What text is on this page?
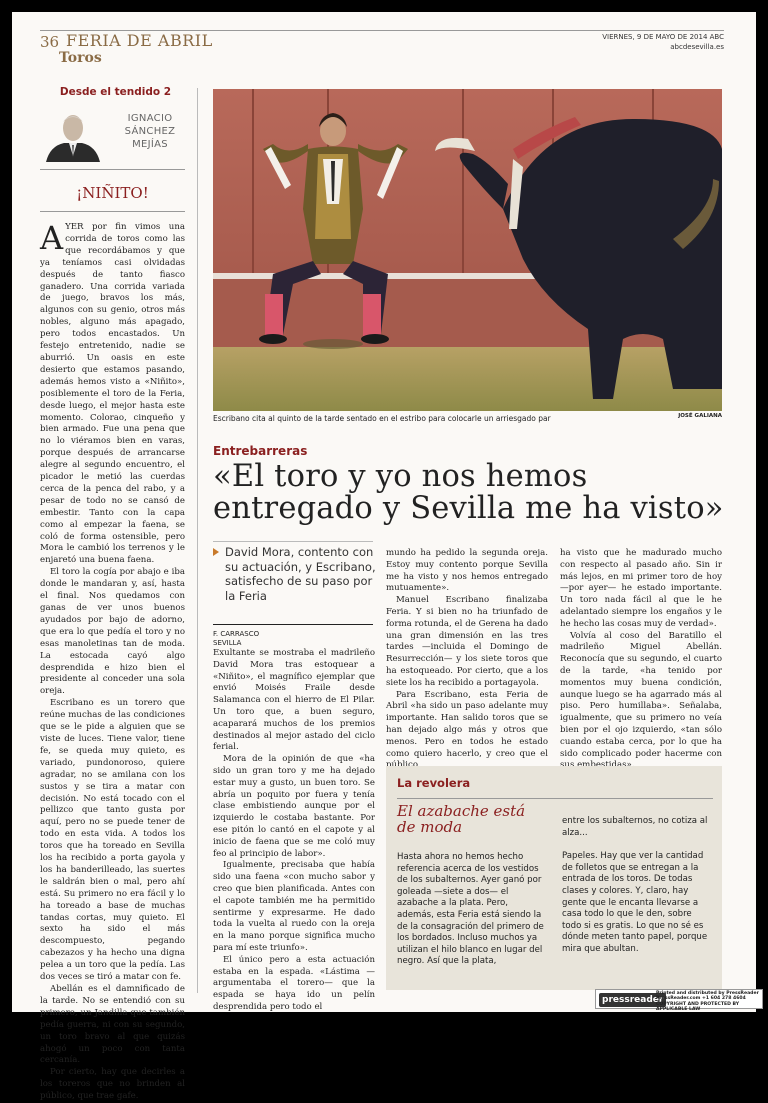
36 FERIA DE ABRIL
Toros
VIERNES, 9 DE MAYO DE 2014 ABC
abcdesevilla.es
Desde el tendido 2
IGNACIO
SÁNCHEZ
MEJÍAS
¡NIÑITO!

AYER por fin vimos una corrida de toros como las que recordábamos y que ya teníamos casi olvidadas después de tanto fiasco ganadero. Una corrida variada de juego, bravos los más, algunos con su genio, otros más nobles, alguno más apagado, pero todos encastados. Un festejo entretenido, nadie se aburrió. Un oasis en este desierto que estamos pasando, además hemos visto a «Niñito», posiblemente el toro de la Feria, desde luego, el mejor hasta este momento. Colorao, cinqueño y bien armado. Fue una pena que no lo viéramos bien en varas, porque después de arrancarse alegre al segundo encuentro, el picador le metió las cuerdas cerca de la penca del rabo, y a pesar de todo no se cansó de embestir. Tanto con la capa como al empezar la faena, se coló de forma ostensible, pero Mora le cambió los terrenos y le enjaretó una buena faena.

El toro la cogía por abajo e iba donde le mandaran y, así, hasta el final. Nos quedamos con ganas de ver unos buenos ayudados por bajo de adorno, que era lo que pedía el toro y no esas manoletinas tan de moda. La estocada cayó algo desprendida e hizo bien el presidente al conceder una sola oreja.

Escribano es un torero que reúne muchas de las condiciones que se le pide a alguien que se viste de luces. Tiene valor, tiene fe, se queda muy quieto, es variado, pundonoroso, quiere agradar, no se amilana con los sustos y se tira a matar con decisión. No está tocado con el pellizco que tanto gusta por aquí, pero no se puede tener de todo en esta vida. A todos los toros que ha toreado en Sevilla los ha recibido a porta gayola y los ha banderilleado, las suertes le saldrán bien o mal, pero ahí está. Su primero no era fácil y lo ha toreado a base de muchas tandas cortas, muy quieto. El sexto ha sido el más descompuesto, pegando cabezazos y ha hecho una digna pelea a un toro que la pedía. Las dos veces se tiró a matar con fe.

Abellán es el damnificado de la tarde. No se entendió con su primero, un Jandilla que también pedía guerra, ni con su segundo, un toro bravo al que quizás ahogó un poco con tanta cercanía.

Por cierto, hay que decirles a los toreros que no brinden al público, que trae gafe.

Escribano cita al quinto de la tarde sentado en el estribo para colocarle un arriesgado par	JOSÉ GALIANA
Entrebarreras
«El toro y yo nos hemos entregado y Sevilla me ha visto»
David Mora, contento con su actuación, y Escribano, satisfecho de su paso por la Feria
F. CARRASCO
SEVILLA

Exultante se mostraba el madrileño David Mora tras estoquear a «Niñito», el magnífico ejemplar que envió Moisés Fraile desde Salamanca con el hierro de El Pilar. Un toro que, a buen seguro, acaparará muchos de los premios destinados al mejor astado del ciclo ferial.

Mora de la opinión de que «ha sido un gran toro y me ha dejado estar muy a gusto, un buen toro. Se abría un poquito por fuera y tenía clase embistiendo aunque por el izquierdo le costaba bastante. Por ese pitón lo cantó en el capote y al inicio de faena que se me coló muy feo al principio de labor».

Igualmente, precisaba que había sido una faena «con mucho sabor y creo que bien planificada. Antes con el capote también me ha permitido sentirme y expresarme. He dado toda la vuelta al ruedo con la oreja en la mano porque significa mucho para mí este triunfo».

El único pero a esta actuación estaba en la espada. «Lástima —argumentaba el torero— que la espada se haya ido un pelín desprendida pero todo el

mundo ha pedido la segunda oreja. Estoy muy contento porque Sevilla me ha visto y nos hemos entregado mutuamente».

Manuel Escribano finalizaba Feria. Y si bien no ha triunfado de forma rotunda, el de Gerena ha dado una gran dimensión en las tres tardes —incluida el Domingo de Resurrección— y los siete toros que ha estoqueado. Por cierto, que a los siete los ha recibido a portagayola.

Para Escribano, esta Feria de Abril «ha sido un paso adelante muy importante. Han salido toros que se han dejado algo más y otros que menos. Pero en todos he estado como quiero hacerlo, y creo que el

ha visto que he madurado mucho con respecto al pasado año. Sin ir más lejos, en mi primer toro de hoy —por ayer— he estado importante. Un toro nada fácil al que le he adelantado siempre los engaños y le he hecho las cosas muy de verdad».

Volvía al coso del Baratillo el madrileño Miguel Abellán. Reconocía que su segundo, el cuarto de la tarde, «ha tenido por momentos muy buena condición, aunque luego se ha agarrado más al piso. Pero humillaba». Señalaba, igualmente, que su primero no veía bien por el ojo izquierdo, «tan sólo cuando estaba cerca, por lo que ha sido complicado poder hacerme con

La revolera
El azabache está de moda
Hasta ahora no hemos hecho referencia acerca de los vestidos de los subalternos. Ayer ganó por goleada —siete a dos— el azabache a la plata. Pero, además, esta Feria está siendo la de la consagración del primero de los bordados. Incluso muchos ya utilizan el hilo blanco en lugar del negro. Así que la plata,
entre los subalternos, no cotiza al alza...
Papeles. Hay que ver la cantidad de folletos que se entregan a la entrada de los toros. De todas clases y colores. Y, claro, hay gente que le encanta llevarse a casa todo lo que le den, sobre todo si es gratis. Lo que no sé es dónde meten tanto papel, porque mira que abultan.
pressreader
Printed and distributed by PressReader
PressReader.com +1 604 278 4604
COPYRIGHT AND PROTECTED BY APPLICABLE LAW
